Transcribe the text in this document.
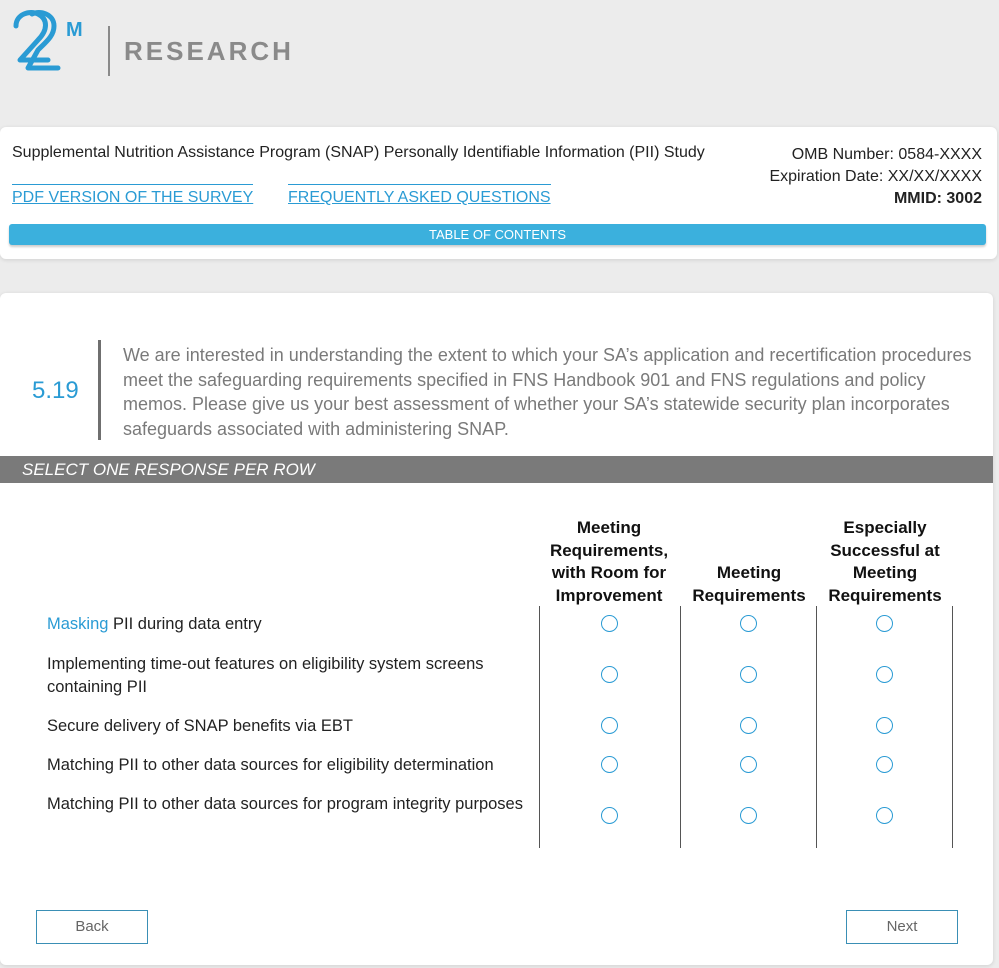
M
RESEARCH
Supplemental Nutrition Assistance Program (SNAP) Personally Identifiable Information (PII) Study	OMB Number: 0584-XXXX
Expiration Date: XX/XX/XXXX
MMID: 3002
PDF VERSION OF THE SURVEY FREQUENTLY ASKED QUESTIONS
TABLE OF CONTENTS
5.19
We are interested in understanding the extent to which your SA’s application and recertification procedures meet the safeguarding requirements specified in FNS Handbook 901 and FNS regulations and policy memos. Please give us your best assessment of whether your SA’s statewide security plan incorporates safeguards associated with administering SNAP.
SELECT ONE RESPONSE PER ROW
Meeting Requirements, with Room for Improvement
Meeting Requirements
Especially Successful at Meeting Requirements
Masking PII during data entry
Implementing time-out features on eligibility system screens containing PII
Secure delivery of SNAP benefits via EBT
Matching PII to other data sources for eligibility determination
Matching PII to other data sources for program integrity purposes
Back	Next
